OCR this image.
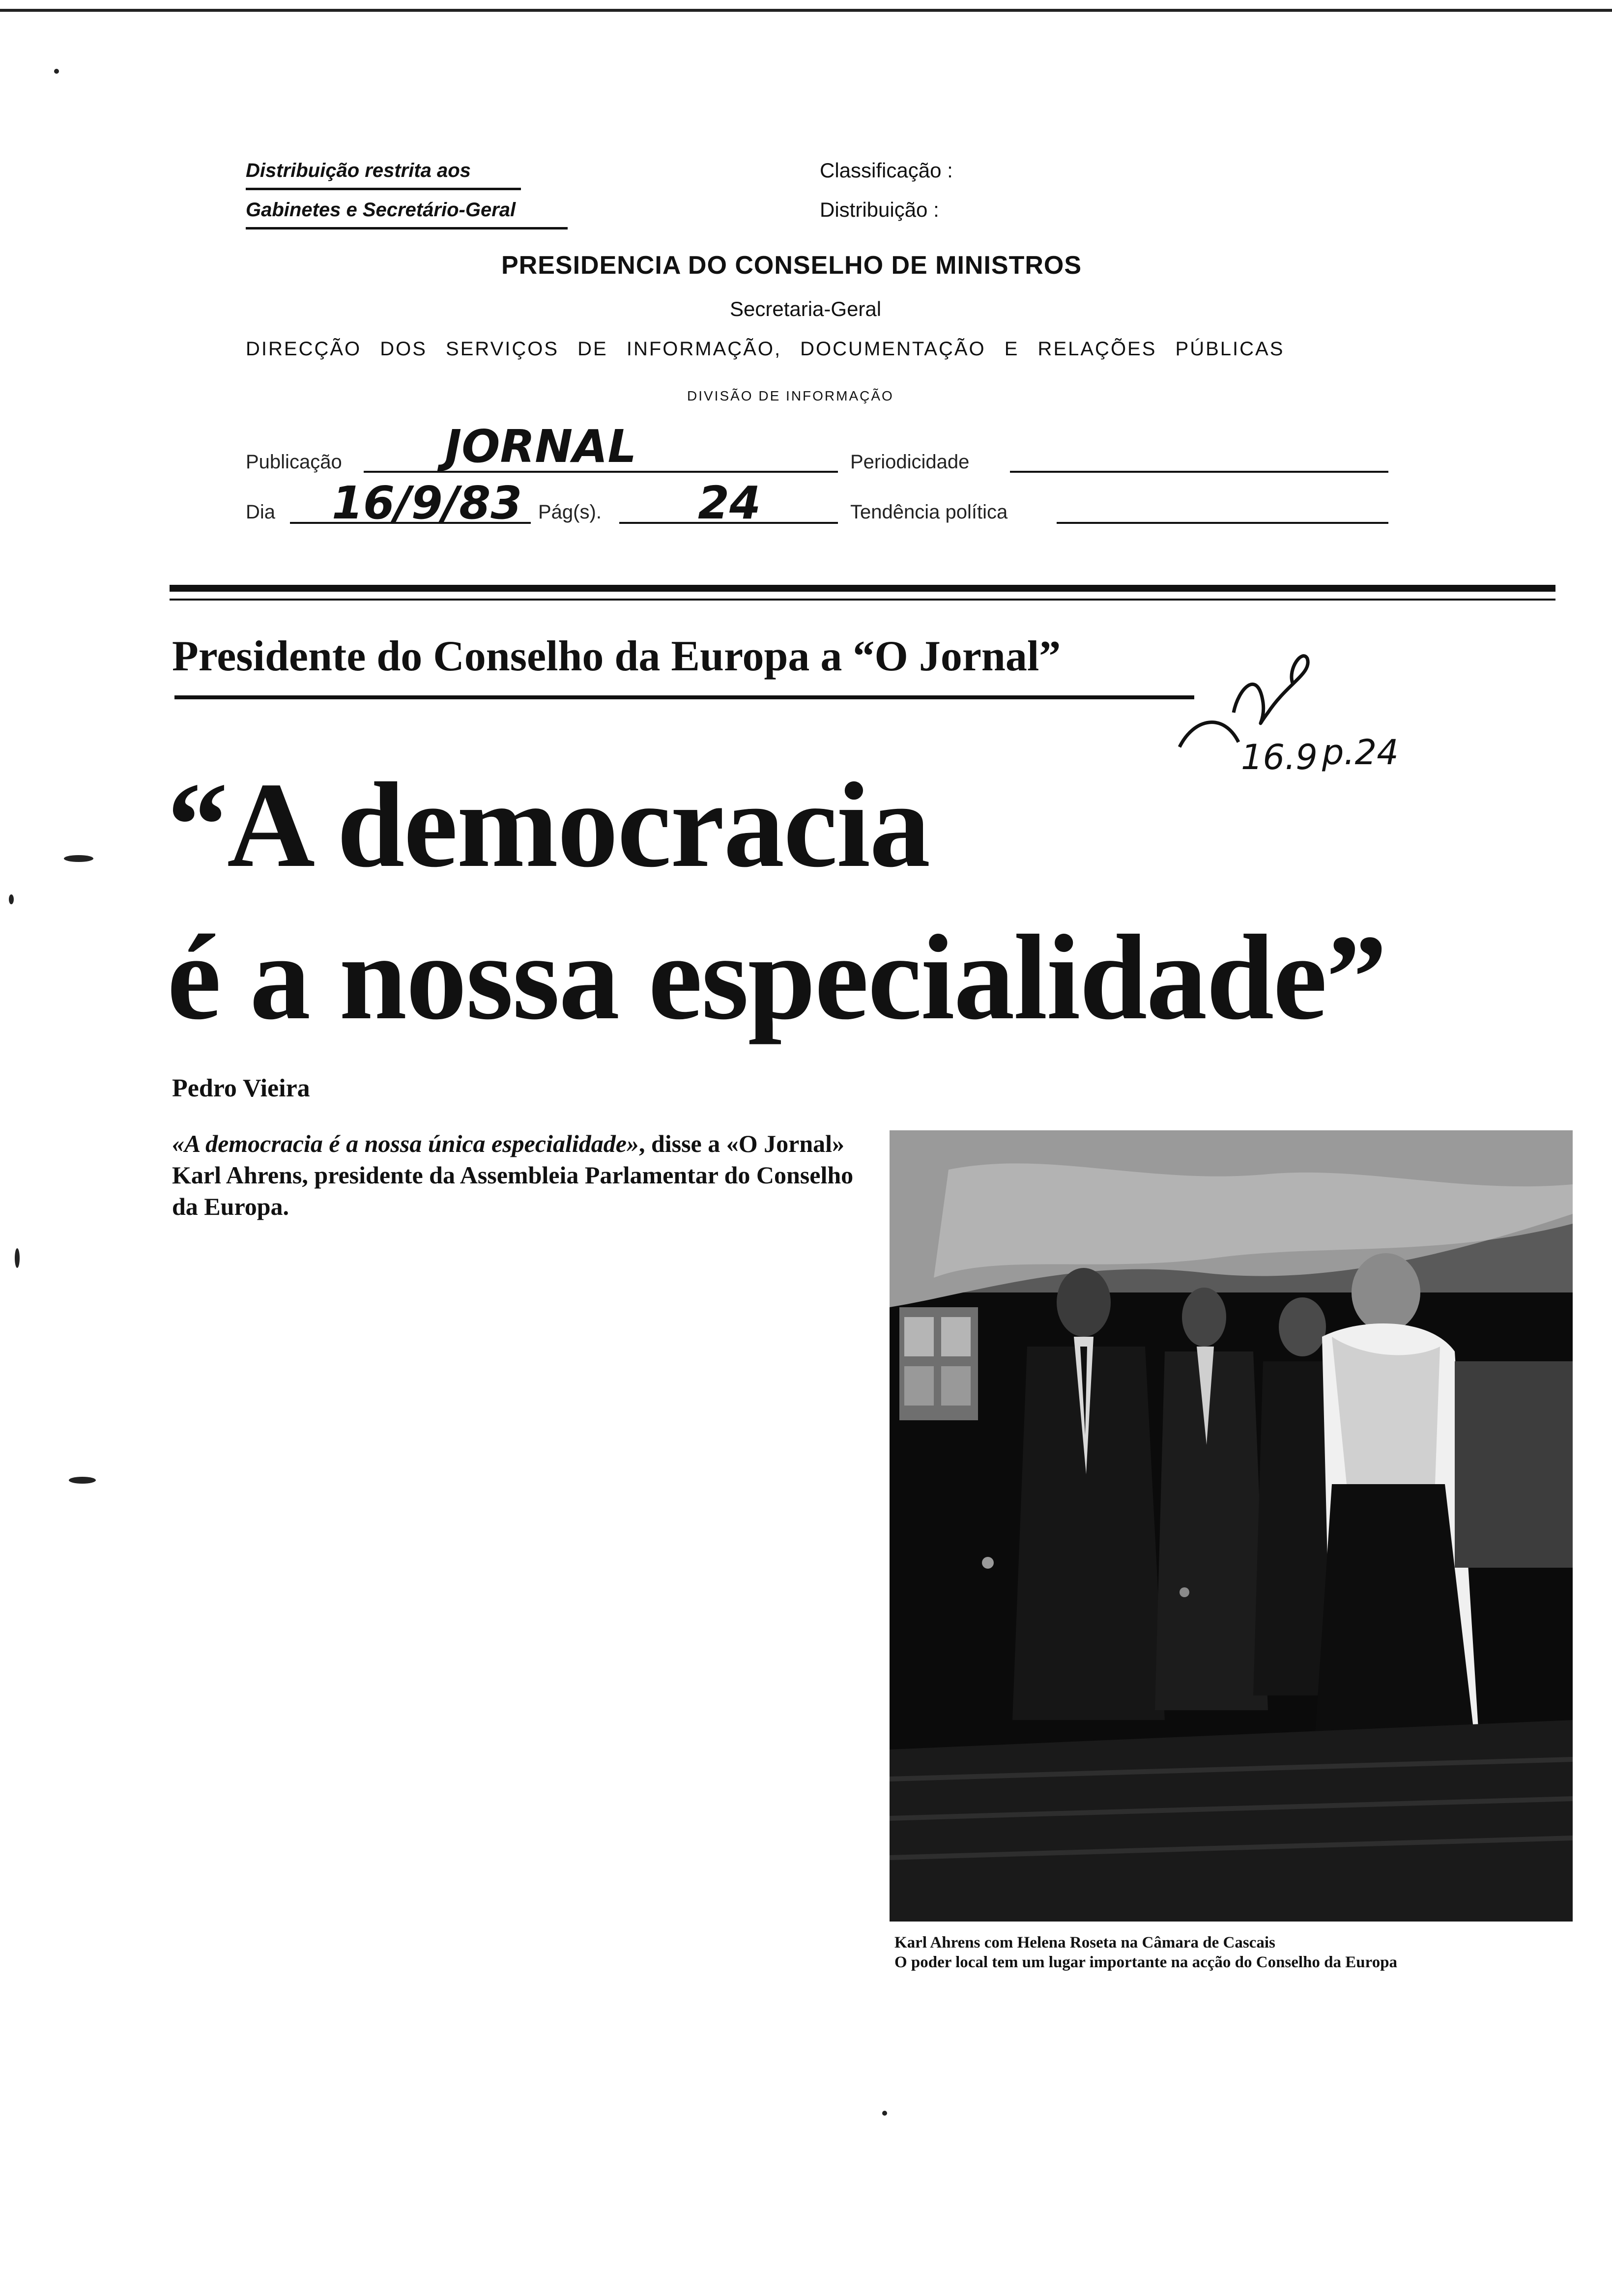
Distribuição restrita aos
Gabinetes e Secretário-Geral
Classificação :
Distribuição :
PRESIDENCIA DO CONSELHO DE MINISTROS
Secretaria-Geral
DIRECÇÃO DOS SERVIÇOS DE INFORMAÇÃO, DOCUMENTAÇÃO E RELAÇÕES PÚBLICAS
DIVISÃO DE INFORMAÇÃO
Publicação JORNAL	Periodicidade
Dia 16/9/83 Pág(s). 24	Tendência política
16.9 p.24
Presidente do Conselho da Europa a “O Jornal”
“A democracia
é a nossa especialidade”
Pedro Vieira
«A democracia é a nossa única especialidade», disse a «O Jornal» Karl Ahrens, presidente da Assembleia Parlamentar do Conselho da Europa.
Karl Ahrens com Helena Roseta na Câmara de Cascais
O poder local tem um lugar importante na acção do Conselho da Europa
